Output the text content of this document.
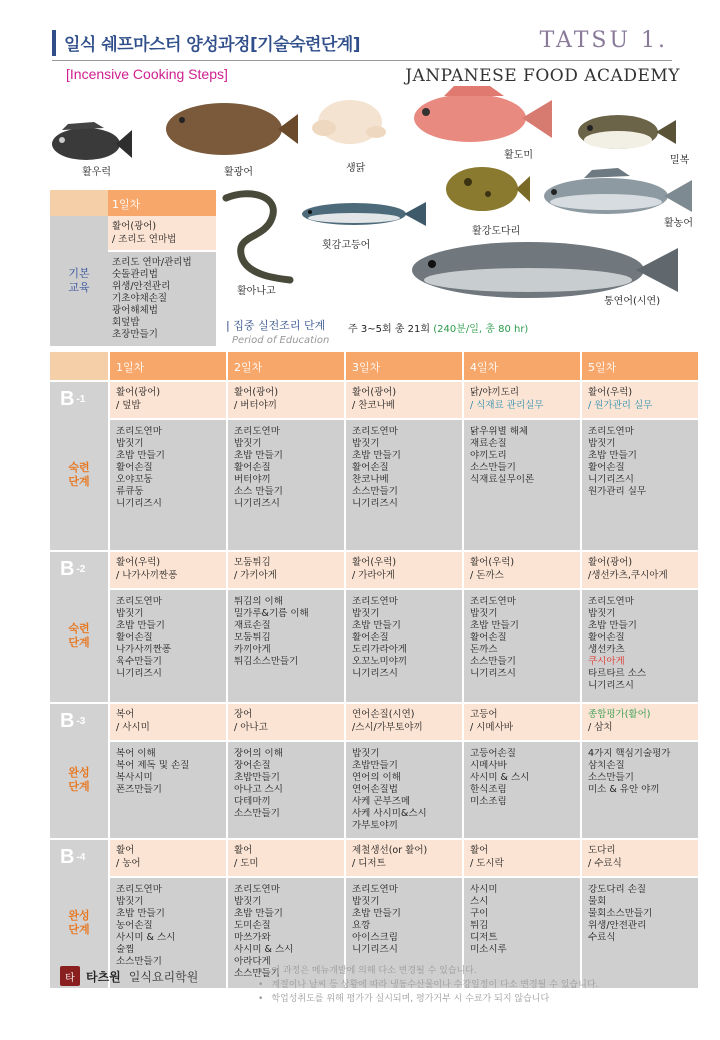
일식 쉐프마스터 양성과정[기술숙련단계]	TATSU 1.
[Incensive Cooking Steps]	JANPANESE FOOD ACADEMY
활우럭	활광어	생닭
활도미	밀복
활강도다리
활농어
횟감고등어
활아나고
통연어(시연)
1일차
기본
교육
활어(광어)
/ 조리도 연마법
조리도 연마/관리법
숫돌관리법
위생/안전관리
기초야채손질
광어해체법
회덮밥
초장만들기
| 집중 실전조리 단계
Period of Education
주 3~5회 총 21회 (240분/일, 총 80 hr)
1일차	2일차	3일차	4일차	5일차
B -1
숙련
단계
활어(광어)
/ 덮밥
조리도연마
밥짓기
초밥 만들기
활어손질
오야꼬동
류큐동
니기리즈시
활어(광어)
/ 버터야끼
조리도연마
밥짓기
초밥 만들기
활어손질
버터야끼
소스 만들기
니기리즈시
활어(광어)
/ 찬코나베
조리도연마
밥짓기
초밥 만들기
활어손질
찬코나베
소스만들기
니기리즈시
닭/야끼도리
/ 식재료 관리실무
닭우위별 해체
재료손질
야끼도리
소스만들기
식재료실무이론
활어(우럭)
/ 원가관리 실무
조리도연마
밥짓기
초밥 만들기
활어손질
니기리즈시
원가관리 실무
B -2
숙련
단계
활어(우럭)
/ 나가사끼짠퐁
조리도연마
밥짓기
초밥 만들기
활어손질
나가사끼짠퐁
육수만들기
니기리즈시
모둠튀김
/ 가키아게
튀김의 이해
밀가루&기름 이해
재료손질
모둠튀김
카끼아게
튀김소스만들기
활어(우럭)
/ 가라아게
조리도연마
밥짓기
초밥 만들기
활어손질
도리가라아게
오꼬노미야끼
니기리즈시
활어(우럭)
/ 돈까스
조리도연마
밥짓기
초밥 만들기
활어손질
돈까스
소스만들기
니기리즈시
활어(광어)
/생선카츠,쿠시아게
조리도연마
밥짓기
초밥 만들기
활어손질
생선카츠
쿠시아게
타르타르 소스
니기리즈시
B -3
완성
단계
복어
/ 사시미
복어 이해
복어 제독 및 손질
복사시미
폰즈만들기
장어
/ 아나고
장어의 이해
장어손질
초밥만들기
아나고 스시
다테마끼
소스만들기
연어손질(시연)
/스시/가부토야끼
밥짓기
초밥만들기
연어의 이해
연어손질법
사케 곤부즈메
사케 사시미&스시
가부토야끼
고등어
/ 시메사바
고등어손질
시메사바
사시미 & 스시
한식조림
미소조림
종합평가(활어)
/ 삼치
4가지 핵심기술평가
삼치손질
소스만들기
미소 & 유안 야끼
B -4
완성
단계
활어
/ 농어
조리도연마
밥짓기
초밥 만들기
농어손질
사시미 & 스시
술찜
소스만들기
활어
/ 도미
조리도연마
밥짓기
초밥 만들기
도미손질
마쓰가와
사시미 & 스시
아라다게
소스만들기
제철생선(or 활어)
/ 디저트
조리도연마
밥짓기
초밥 만들기
요깡
아이스크림
니기리즈시
활어
/ 도시락
사시미
스시
구이
튀김
디저트
미소시루
도다리
/ 수료식
강도다리 손질
물회
물회소스만들기
위생/안전관리
수료식
타 타츠원 일식요리학원
•	이 과정은 메뉴개발에 의해 다소 변경될 수 있습니다.
• 계절이나 날씨 등 상황에 따라 냉동수산물이나 수강일정이 다소 변경될 수 있습니다.
• 학업성취도를 위해 평가가 실시되며, 평가거부 시 수료가 되지 않습니다
